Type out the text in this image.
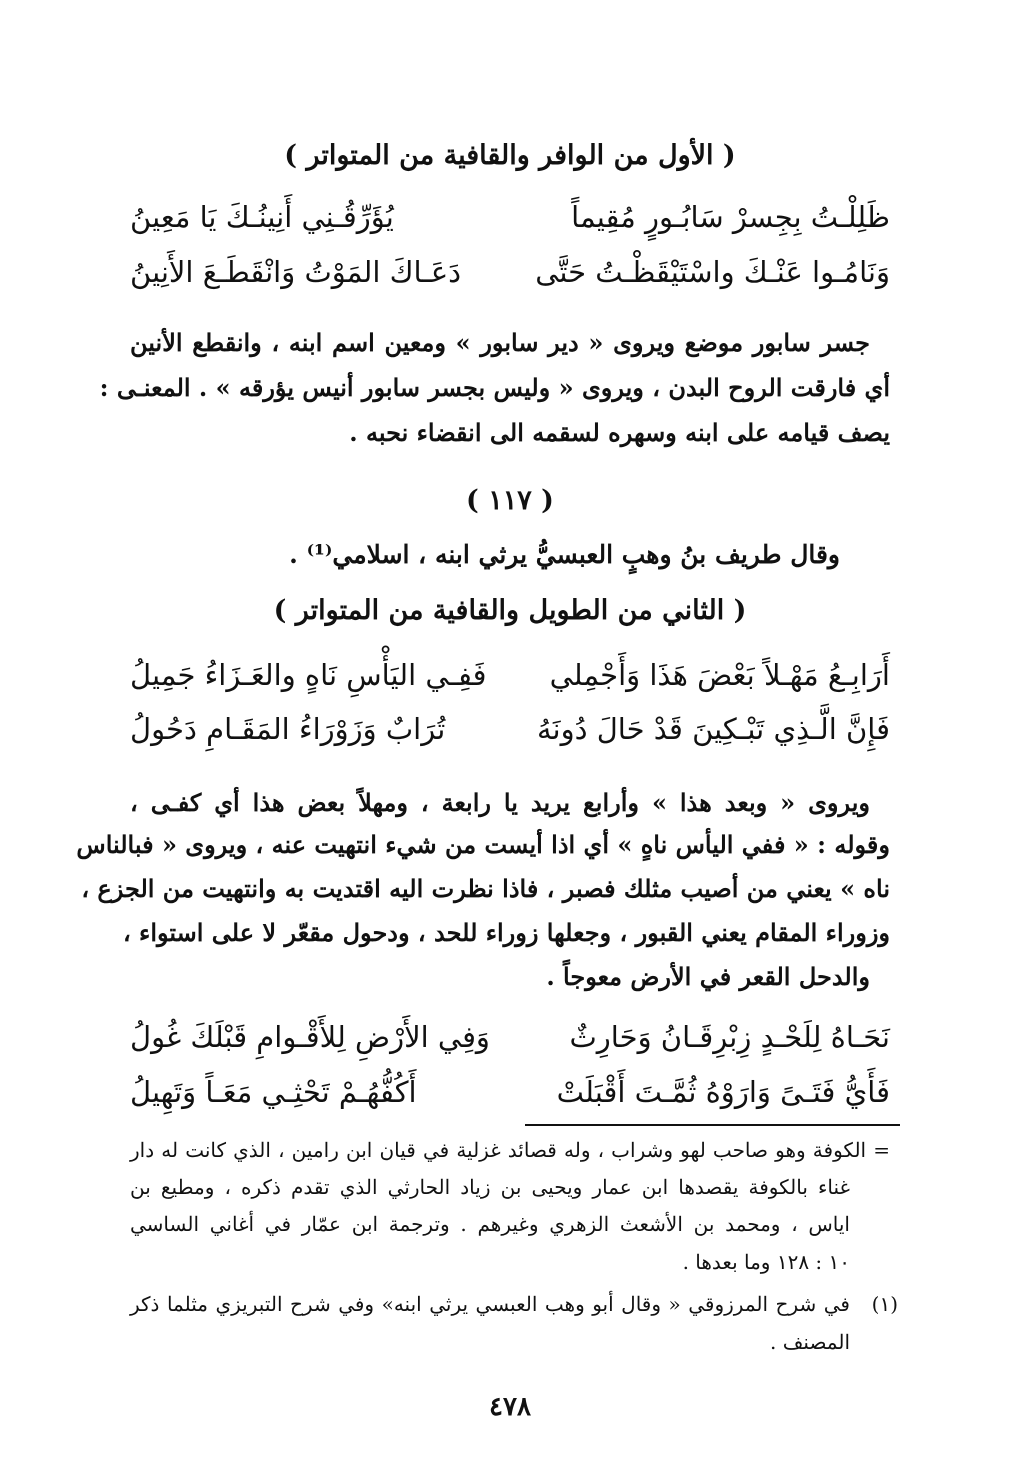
( الأول من الوافر والقافية من المتواتر )
ظَلِلْـتُ بِجِسرْ سَابُـورٍ مُقِيماً
يُؤَرِّقُـنِي أَنِينُـكَ يَا مَعِينُ
وَنَامُـوا عَنْـكَ واسْتَيْقَظْـتُ حَتَّى
دَعَـاكَ المَوْتُ وَانْقَطَـعَ الأَنِينُ
جسر سابور موضع ويروى « دير سابور » ومعين اسم ابنه ، وانقطع الأنين
أي فارقت الروح البدن ، ويروى « وليس بجسر سابور أنيس يؤرقه » . المعنـى :
يصف قيامه على ابنه وسهره لسقمه الى انقضاء نحبه .
( ١١٧ )
وقال طريف بنُ وهبٍ العبسيُّ يرثي ابنه ، اسلامي⁽¹⁾ .
( الثاني من الطويل والقافية من المتواتر )
أَرَابِـعُ مَهْـلاً بَعْضَ هَذَا وَأَجْمِلي
فَفِـي اليَأْسِ نَاهٍ والعَـزَاءُ جَمِيلُ
فَإِنَّ الَّـذِي تَبْـكِينَ قَدْ حَالَ دُونَهُ
تُرَابٌ وَزَوْرَاءُ المَقَـامِ دَحُولُ
ويروى « وبعد هذا » وأرابع يريد يا رابعة ، ومهلاً بعض هذا أي كفـى ،
وقوله : « ففي اليأس ناهٍ » أي اذا أيست من شيء انتهيت عنه ، ويروى « فبالناس
ناه » يعني من أصيب مثلك فصبر ، فاذا نظرت اليه اقتديت به وانتهيت من الجزع ،
وزوراء المقام يعني القبور ، وجعلها زوراء للحد ، ودحول مقعّر لا على استواء ،
والدحل القعر في الأرض معوجاً .
نَحَـاهُ لِلَحْـدٍ زِبْرِقَـانُ وَحَارِثٌ
وَفِي الأَرْضِ لِلأَقْـوامِ قَبْلَكَ غُولُ
فَأَيُّ فَتَـىً وَارَوْهُ ثُمَّـتَ أَقْبَلَتْ
أَكُفُّهُـمْ تَحْثِـي مَعَـاً وَتَهِيلُ
= الكوفة وهو صاحب لهو وشراب ، وله قصائد غزلية في قيان ابن رامين ، الذي كانت له دار
غناء بالكوفة يقصدها ابن عمار ويحيى بن زياد الحارثي الذي تقدم ذكره ، ومطيع بن
اياس ، ومحمد بن الأشعث الزهري وغيرهم . وترجمة ابن عمّار في أغاني الساسي
١٠ : ١٢٨ وما بعدها .
(١)
في شرح المرزوقي « وقال أبو وهب العبسي يرثي ابنه» وفي شرح التبريزي مثلما ذكر
المصنف .
٤٧٨
